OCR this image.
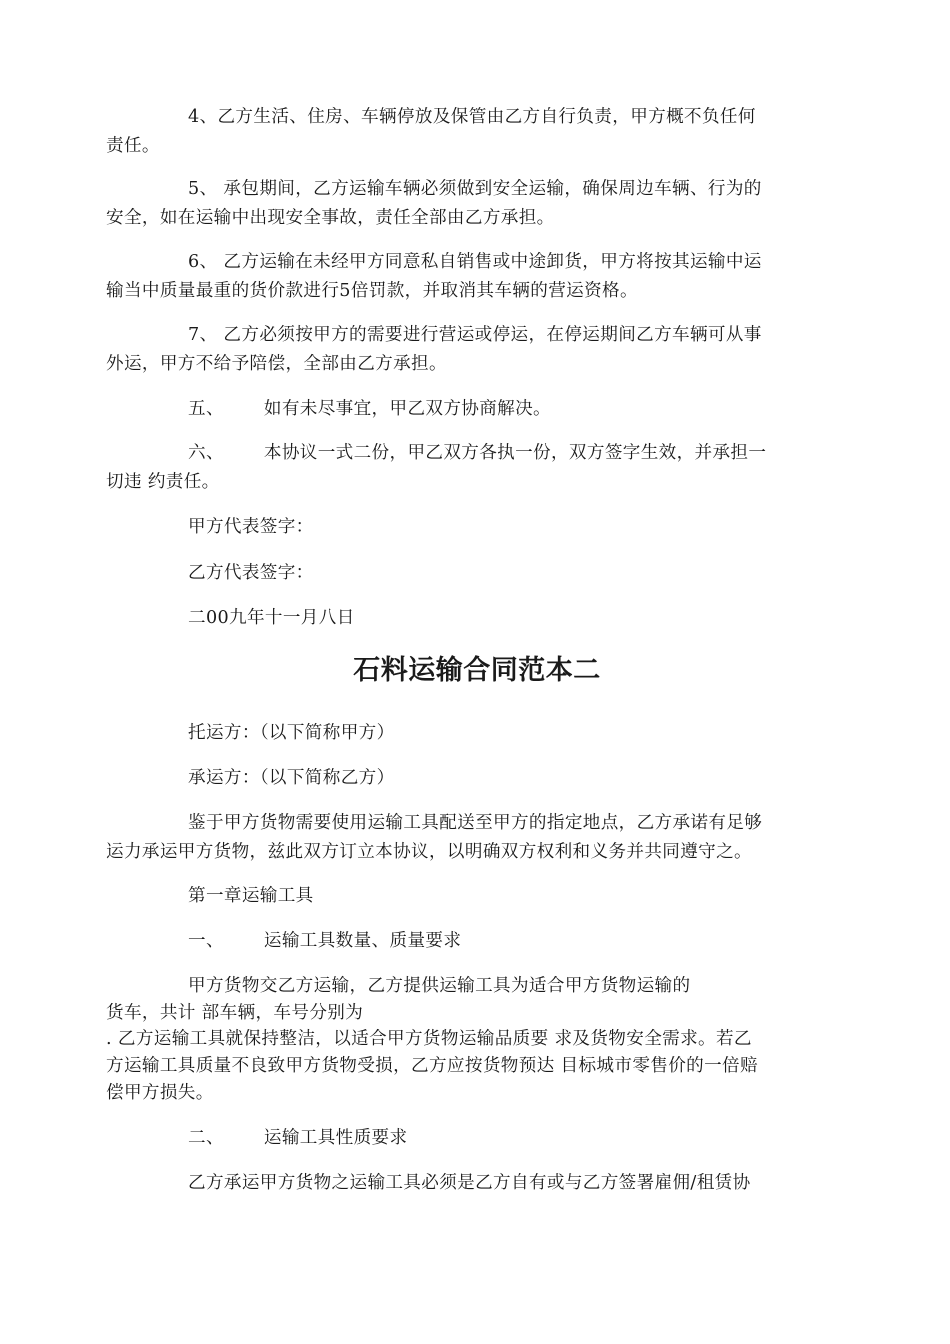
4、乙方生活、住房、车辆停放及保管由乙方自行负责，甲方概不负任何
责任。
5、 承包期间，乙方运输车辆必须做到安全运输，确保周边车辆、行为的
安全，如在运输中出现安全事故，责任全部由乙方承担。
6、 乙方运输在未经甲方同意私自销售或中途卸货，甲方将按其运输中运
输当中质量最重的货价款进行5倍罚款，并取消其车辆的营运资格。
7、 乙方必须按甲方的需要进行营运或停运，在停运期间乙方车辆可从事
外运，甲方不给予陪偿，全部由乙方承担。
五、 如有未尽事宜，甲乙双方协商解决。
六、 本协议一式二份，甲乙双方各执一份，双方签字生效，并承担一
切违 约责任。
甲方代表签字：
乙方代表签字：
二00九年十一月八日
石料运输合同范本二
托运方：（以下简称甲方）
承运方：（以下简称乙方）
鉴于甲方货物需要使用运输工具配送至甲方的指定地点，乙方承诺有足够
运力承运甲方货物，兹此双方订立本协议，以明确双方权利和义务并共同遵守之。
第一章运输工具
一、 运输工具数量、质量要求
甲方货物交乙方运输，乙方提供运输工具为适合甲方货物运输的
货车，共计 部车辆，车号分别为
. 乙方运输工具就保持整洁，以适合甲方货物运输品质要 求及货物安全需求。若乙
方运输工具质量不良致甲方货物受损，乙方应按货物预达 目标城市零售价的一倍赔
偿甲方损失。
二、 运输工具性质要求
乙方承运甲方货物之运输工具必须是乙方自有或与乙方签署雇佣/租赁协
